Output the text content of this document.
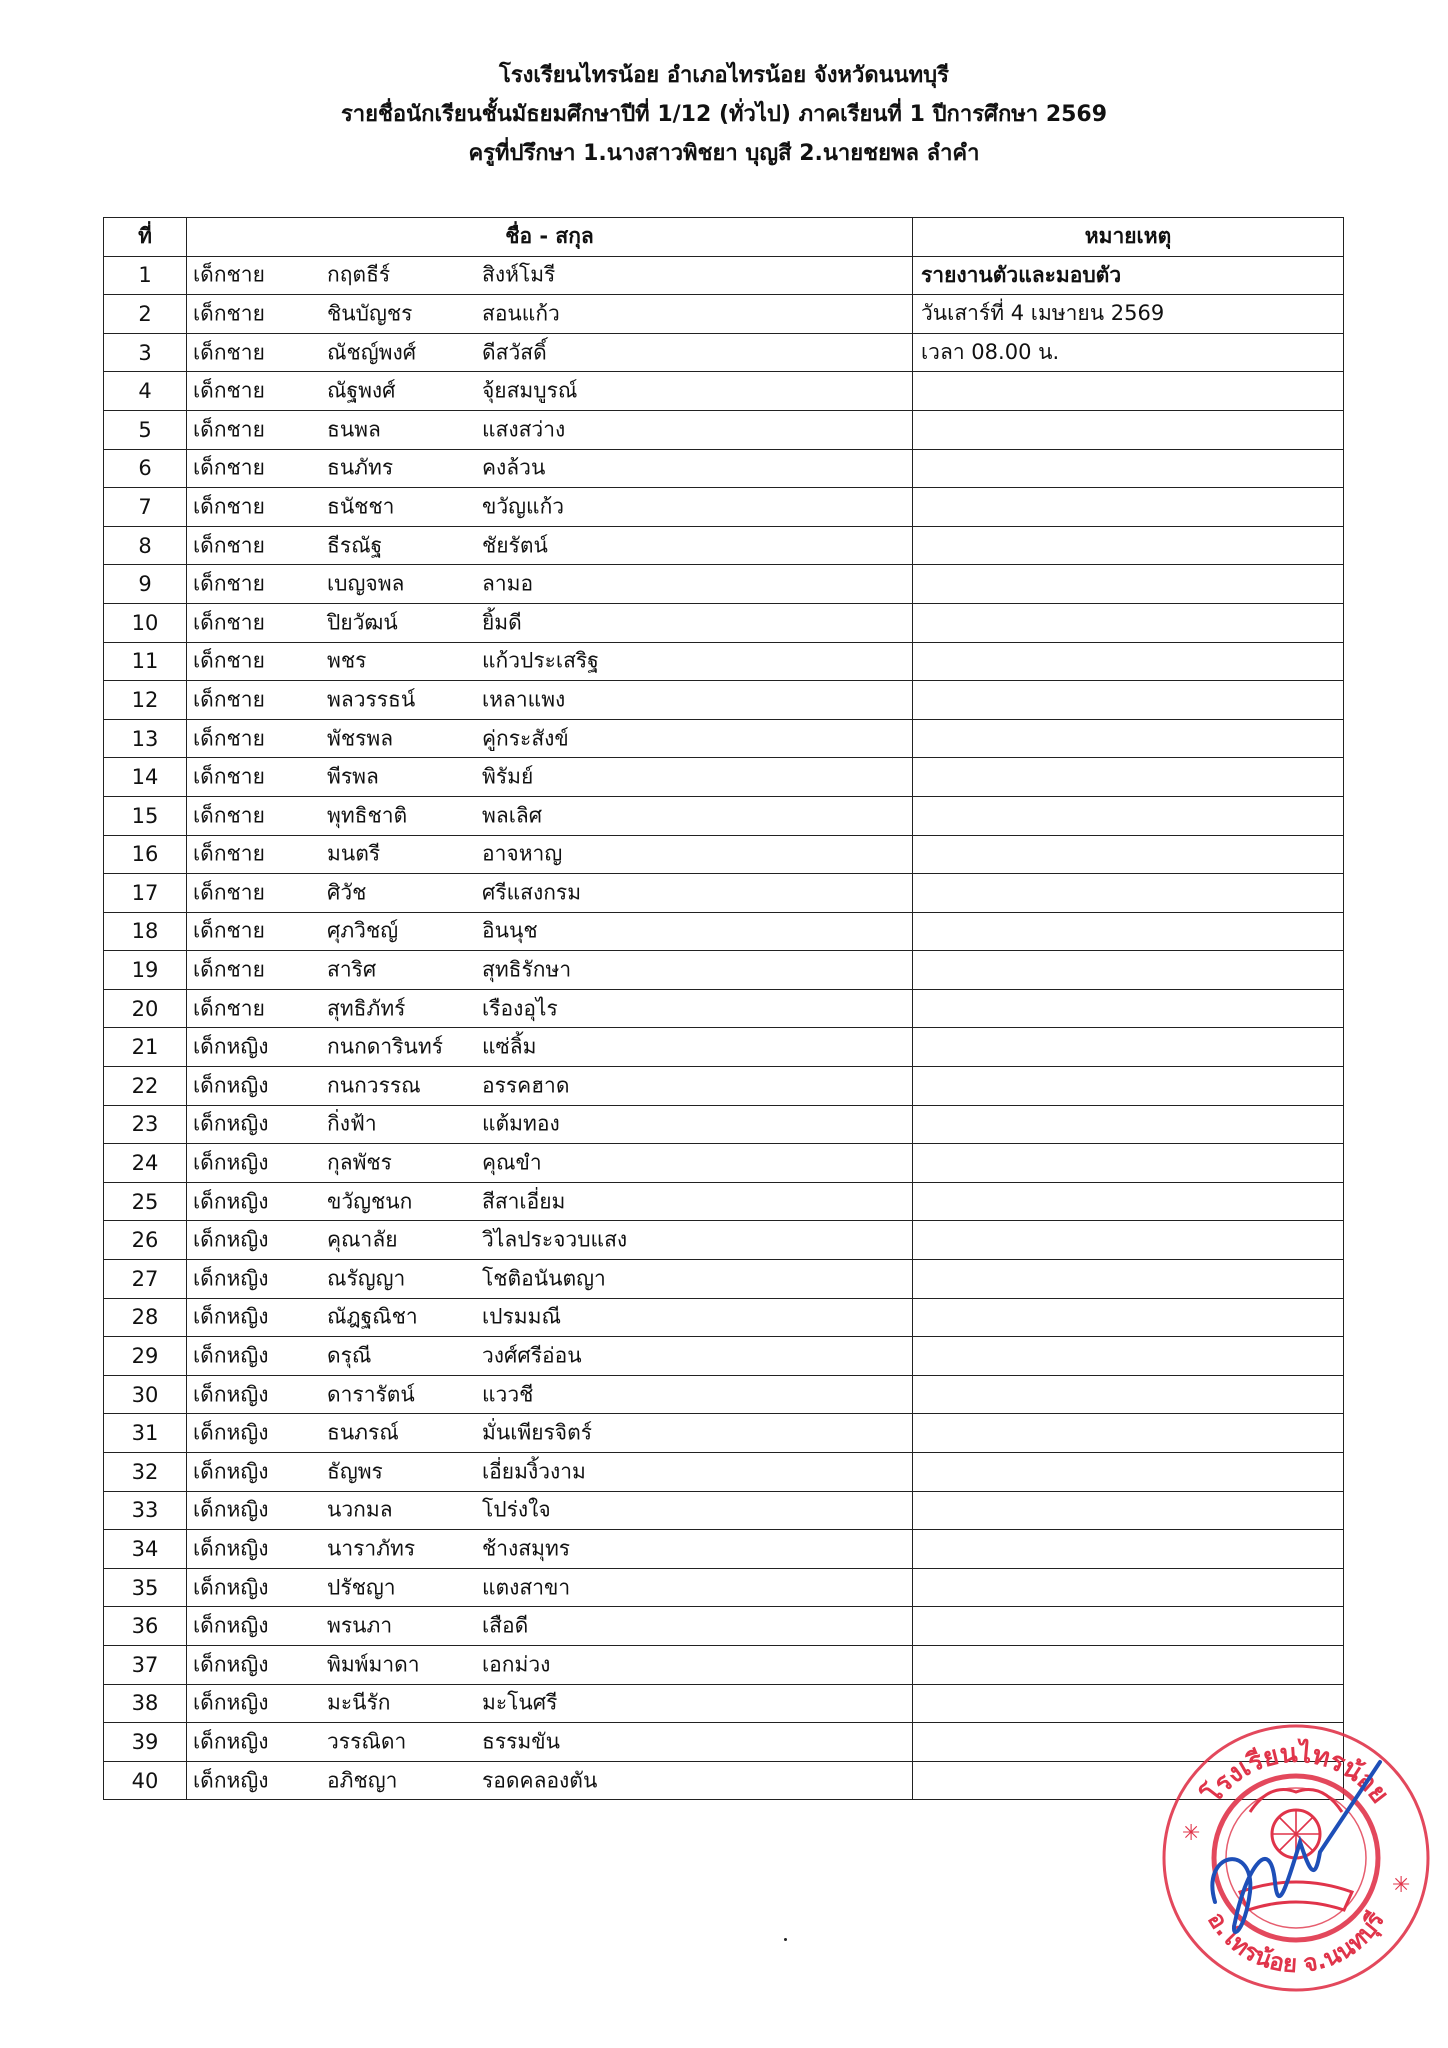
โรงเรียนไทรน้อย อำเภอไทรน้อย จังหวัดนนทบุรี
รายชื่อนักเรียนชั้นมัธยมศึกษาปีที่ 1/12 (ทั่วไป) ภาคเรียนที่ 1 ปีการศึกษา 2569
ครูที่ปรึกษา 1.นางสาวพิชยา บุญสี 2.นายชยพล ลำคำ
ที่	ชื่อ - สกุล	หมายเหตุ
1	เด็กชาย กฤตธีร์ สิงห์โมรี	รายงานตัวและมอบตัว
2	เด็กชาย ชินบัญชร สอนแก้ว	วันเสาร์ที่ 4 เมษายน 2569
3	เด็กชาย ณัชญ์พงศ์ ดีสวัสดิ์	เวลา 08.00 น.
4	เด็กชาย ณัฐพงศ์ จุ้ยสมบูรณ์	

5	เด็กชาย ธนพล แสงสว่าง	

6	เด็กชาย ธนภัทร คงล้วน	

7	เด็กชาย ธนัชชา ขวัญแก้ว	

8	เด็กชาย ธีรณัฐ ชัยรัตน์	

9	เด็กชาย เบญจพล ลามอ	

10	เด็กชาย ปิยวัฒน์ ยิ้มดี	

11	เด็กชาย พชร แก้วประเสริฐ	

12	เด็กชาย พลวรรธน์ เหลาแพง	

13	เด็กชาย พัชรพล คู่กระสังข์	

14	เด็กชาย พีรพล พิรัมย์	

15	เด็กชาย พุทธิชาติ พลเลิศ	

16	เด็กชาย มนตรี อาจหาญ	

17	เด็กชาย ศิวัช ศรีแสงกรม	

18	เด็กชาย ศุภวิชญ์ อินนุช	

19	เด็กชาย สาริศ สุทธิรักษา	

20	เด็กชาย สุทธิภัทร์ เรืองอุไร	

21	เด็กหญิง กนกดารินทร์ แซ่ลิ้ม	

22	เด็กหญิง กนกวรรณ อรรคฮาด	

23	เด็กหญิง กิ่งฟ้า แต้มทอง	

24	เด็กหญิง กุลพัชร คุณขำ	

25	เด็กหญิง ขวัญชนก สีสาเอี่ยม	

26	เด็กหญิง คุณาลัย วิไลประจวบแสง	

27	เด็กหญิง ณรัญญา โชติอนันตญา	

28	เด็กหญิง ณัฎฐณิชา เปรมมณี	

29	เด็กหญิง ดรุณี วงศ์ศรีอ่อน	

30	เด็กหญิง ดารารัตน์ แววชี	

31	เด็กหญิง ธนภรณ์ มั่นเพียรจิตร์	

32	เด็กหญิง ธัญพร เอี่ยมงิ้วงาม	

33	เด็กหญิง นวกมล โปร่งใจ	

34	เด็กหญิง นาราภัทร ช้างสมุทร	

35	เด็กหญิง ปรัชญา แตงสาขา	

36	เด็กหญิง พรนภา เสือดี	

37	เด็กหญิง พิมพ์มาดา เอกม่วง	

38	เด็กหญิง มะนีรัก มะโนศรี	

39	เด็กหญิง วรรณิดา ธรรมขัน	

40	เด็กหญิง อภิชญา รอดคลองตัน	
		โรงเรียนไทรน้อย
อ.ไทรน้อย จ.นนทบุรี
✳
✳
